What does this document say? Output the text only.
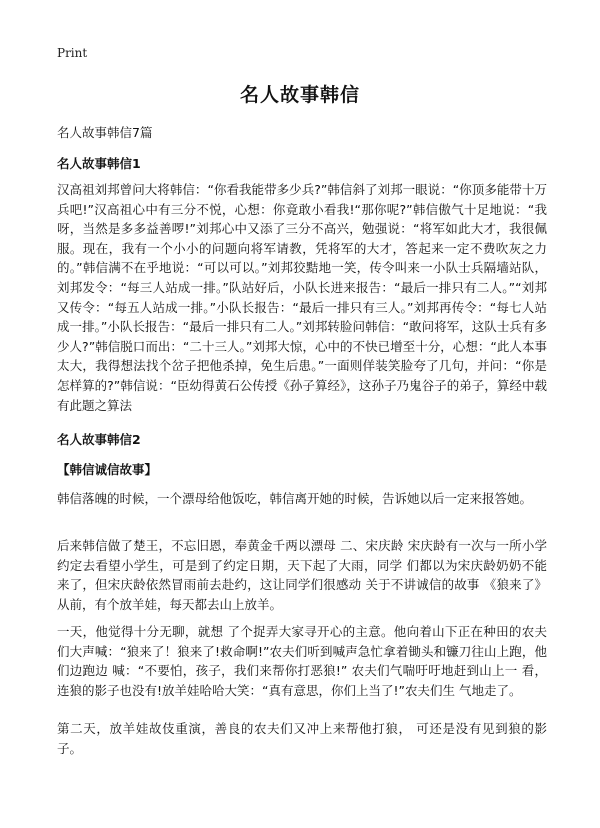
Print
名人故事韩信
名人故事韩信7篇
名人故事韩信1

汉高祖刘邦曾问大将韩信：“你看我能带多少兵?”韩信斜了刘邦一眼说：“你顶多能带十万兵吧!”汉高祖心中有三分不悦，心想：你竟敢小看我!“那你呢?”韩信傲气十足地说：“我呀，当然是多多益善啰!”刘邦心中又添了三分不高兴，勉强说：“将军如此大才，我很佩服。现在，我有一个小小的问题向将军请教，凭将军的大才，答起来一定不费吹灰之力的。”韩信满不在乎地说：“可以可以。”刘邦狡黠地一笑，传令叫来一小队士兵隔墙站队，刘邦发令：“每三人站成一排。”队站好后，小队长进来报告：“最后一排只有二人。”“刘邦又传令：“每五人站成一排。”小队长报告：“最后一排只有三人。”刘邦再传令：“每七人站成一排。”小队长报告：“最后一排只有二人。”刘邦转脸问韩信：“敢问将军，这队士兵有多少人?”韩信脱口而出：“二十三人。”刘邦大惊，心中的不快已增至十分，心想：“此人本事太大，我得想法找个岔子把他杀掉，免生后患。”一面则佯装笑脸夸了几句，并问：“你是怎样算的?”韩信说：“臣幼得黄石公传授《孙子算经》，这孙子乃鬼谷子的弟子，算经中载有此题之算法

名人故事韩信2
【韩信诚信故事】

韩信落魄的时候，一个漂母给他饭吃，韩信离开她的时候，告诉她以后一定来报答她。

后来韩信做了楚王，不忘旧恩，奉黄金千两以漂母 二、宋庆龄 宋庆龄有一次与一所小学约定去看望小学生，可是到了约定日期，天下起了大雨，同学 们都以为宋庆龄奶奶不能来了，但宋庆龄依然冒雨前去赴约，这让同学们很感动 关于不讲诚信的故事 《狼来了》从前，有个放羊娃，每天都去山上放羊。

一天，他觉得十分无聊，就想 了个捉弄大家寻开心的主意。他向着山下正在种田的农夫们大声喊：“狼来了！狼来了!救命啊!”农夫们听到喊声急忙拿着锄头和镰刀往山上跑，他们边跑边 喊：“不要怕，孩子，我们来帮你打恶狼!” 农夫们气喘吁吁地赶到山上一 看，连狼的影子也没有!放羊娃哈哈大笑：“真有意思，你们上当了!”农夫们生 气地走了。

第二天，放羊娃故伎重演，善良的农夫们又冲上来帮他打狼， 可还是没有见到狼的影子。
